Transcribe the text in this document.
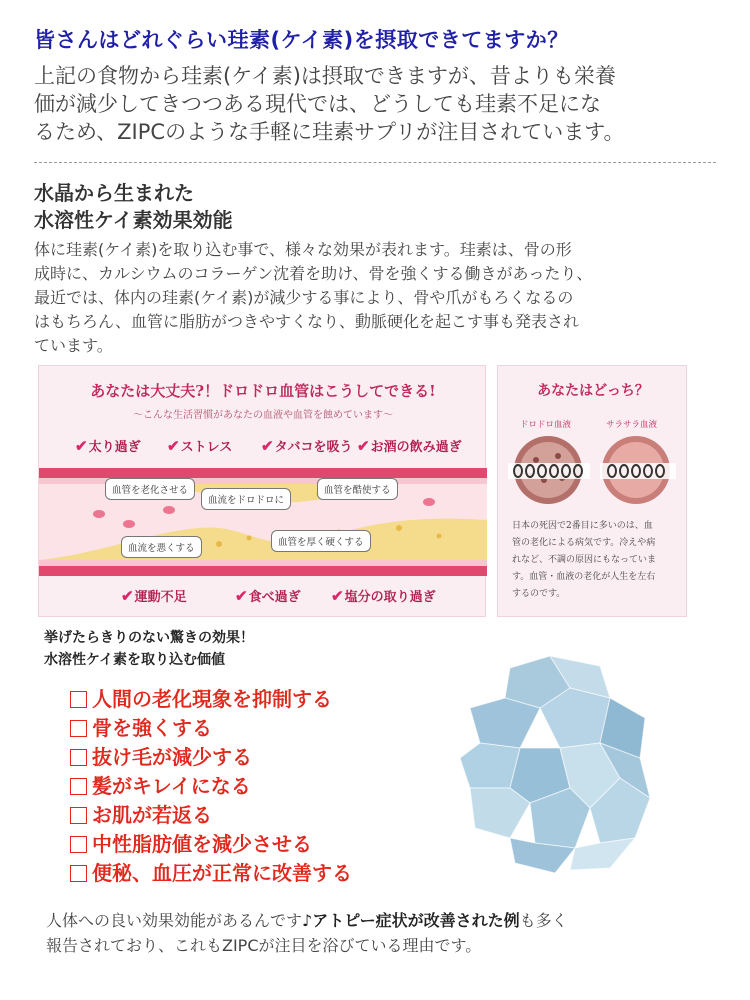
皆さんはどれぐらい珪素(ケイ素)を摂取できてますか？
上記の食物から珪素(ケイ素)は摂取できますが、昔よりも栄養
価が減少してきつつある現代では、どうしても珪素不足にな
るため、ZIPCのような手軽に珪素サプリが注目されています。
水晶から生まれた
水溶性ケイ素効果効能
体に珪素(ケイ素)を取り込む事で、様々な効果が表れます。珪素は、骨の形
成時に、カルシウムのコラーゲン沈着を助け、骨を強くする働きがあったり、
最近では、体内の珪素(ケイ素)が減少する事により、骨や爪がもろくなるの
はもちろん、血管に脂肪がつきやすくなり、動脈硬化を起こす事も発表され
ています。
あなたは大丈夫?！ドロドロ血管はこうしてできる!
～こんな生活習慣があなたの血液や血管を蝕めています～
✔太り過ぎ ✔ストレス ✔タバコを吸う ✔お酒の飲み過ぎ
血管を老化させる
血流をドロドロに
血管を酷使する
血流を悪くする
血管を厚く硬くする
✔運動不足	✔食べ過ぎ ✔塩分の取り過ぎ
あなたはどっち？
ドロドロ血液	サラサラ血液
日本の死因で2番目に多いのは、血
管の老化による病気です。冷えや病
れなど、不調の原因にもなっていま
す。血管・血液の老化が人生を左右
するのです。
挙げたらきりのない驚きの効果！
水溶性ケイ素を取り込む価値
人間の老化現象を抑制する
骨を強くする
抜け毛が減少する
髪がキレイになる
お肌が若返る
中性脂肪値を減少させる
便秘、血圧が正常に改善する
人体への良い効果効能があるんです♪アトピー症状が改善された例も多く
報告されており、これもZIPCが注目を浴びている理由です。
